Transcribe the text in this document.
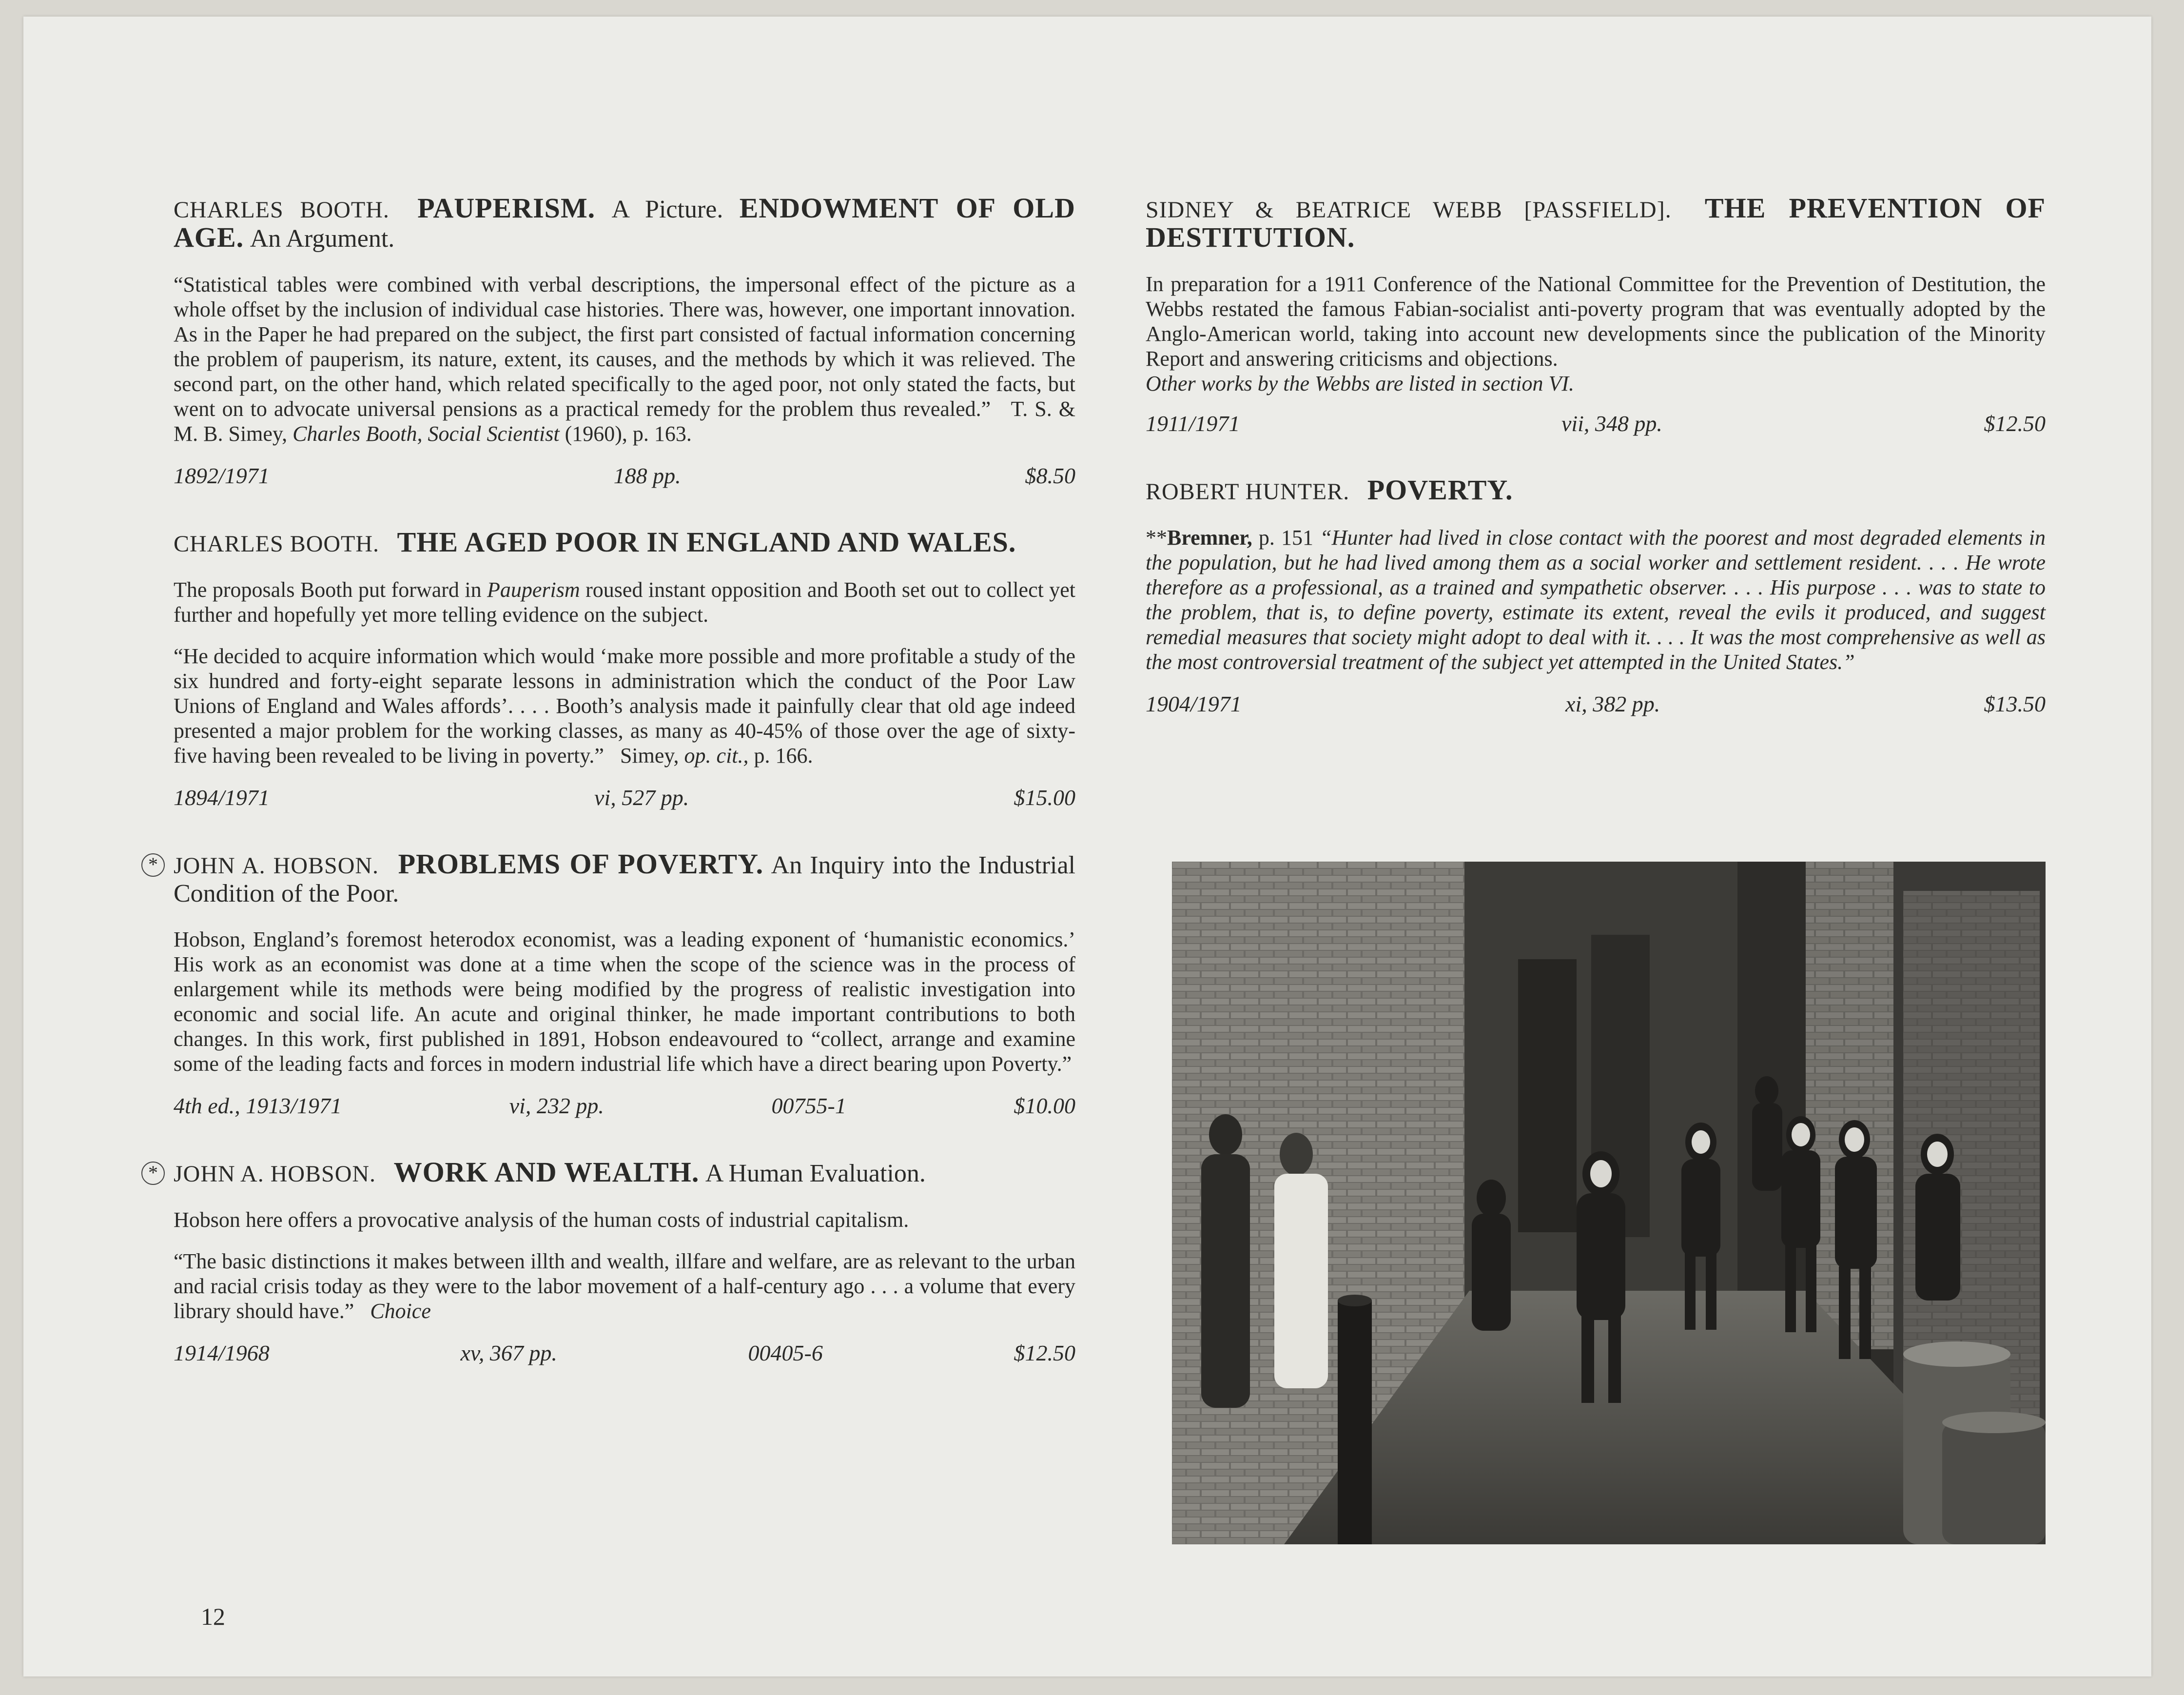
CHARLES BOOTH. PAUPERISM. A Picture. ENDOWMENT OF OLD AGE. An Argument.

“Statistical tables were combined with verbal descriptions, the impersonal effect of the picture as a whole offset by the inclusion of individual case histories. There was, however, one important innovation. As in the Paper he had prepared on the subject, the first part consisted of factual information concerning the problem of pauperism, its nature, extent, its causes, and the methods by which it was relieved. The second part, on the other hand, which related specifically to the aged poor, not only stated the facts, but went on to advocate universal pensions as a practical remedy for the problem thus revealed.” T. S. & M. B. Simey, Charles Booth, Social Scientist (1960), p. 163.

1892/1971	188 pp.	$8.50
CHARLES BOOTH. THE AGED POOR IN ENGLAND AND WALES.

The proposals Booth put forward in Pauperism roused instant opposition and Booth set out to collect yet further and hopefully yet more telling evidence on the subject.

“He decided to acquire information which would ‘make more possible and more profitable a study of the six hundred and forty-eight separate lessons in administration which the conduct of the Poor Law Unions of England and Wales affords’. . . . Booth’s analysis made it painfully clear that old age indeed presented a major problem for the working classes, as many as 40-45% of those over the age of sixty-five having been revealed to be living in poverty.” Simey, op. cit., p. 166.

1894/1971	vi, 527 pp.	$15.00
* JOHN A. HOBSON. PROBLEMS OF POVERTY. An Inquiry into the Industrial Condition of the Poor.

Hobson, England’s foremost heterodox economist, was a leading exponent of ‘humanistic economics.’ His work as an economist was done at a time when the scope of the science was in the process of enlargement while its methods were being modified by the progress of realistic investigation into economic and social life. An acute and original thinker, he made important contributions to both changes. In this work, first published in 1891, Hobson endeavoured to “collect, arrange and examine some of the leading facts and forces in modern industrial life which have a direct bearing upon Poverty.”

4th ed., 1913/1971	vi, 232 pp.	00755-1	$10.00
* JOHN A. HOBSON. WORK AND WEALTH. A Human Evaluation.

Hobson here offers a provocative analysis of the human costs of industrial capitalism.

“The basic distinctions it makes between illth and wealth, illfare and welfare, are as relevant to the urban and racial crisis today as they were to the labor movement of a half-century ago . . . a volume that every library should have.” Choice

1914/1968	xv, 367 pp.	00405-6	$12.50
SIDNEY & BEATRICE WEBB [PASSFIELD]. THE PREVENTION OF DESTITUTION.

In preparation for a 1911 Conference of the National Committee for the Prevention of Destitution, the Webbs restated the famous Fabian-socialist anti-poverty program that was eventually adopted by the Anglo-American world, taking into account new developments since the publication of the Minority Report and answering criticisms and objections.
Other works by the Webbs are listed in section VI.

1911/1971	vii, 348 pp.	$12.50
ROBERT HUNTER. POVERTY.

**Bremner, p. 151 “Hunter had lived in close contact with the poorest and most degraded elements in the population, but he had lived among them as a social worker and settlement resident. . . . He wrote therefore as a professional, as a trained and sympathetic observer. . . . His purpose . . . was to state to the problem, that is, to define poverty, estimate its extent, reveal the evils it produced, and suggest remedial measures that society might adopt to deal with it. . . . It was the most comprehensive as well as the most controversial treatment of the subject yet attempted in the United States.”

1904/1971	xi, 382 pp.	$13.50
12
